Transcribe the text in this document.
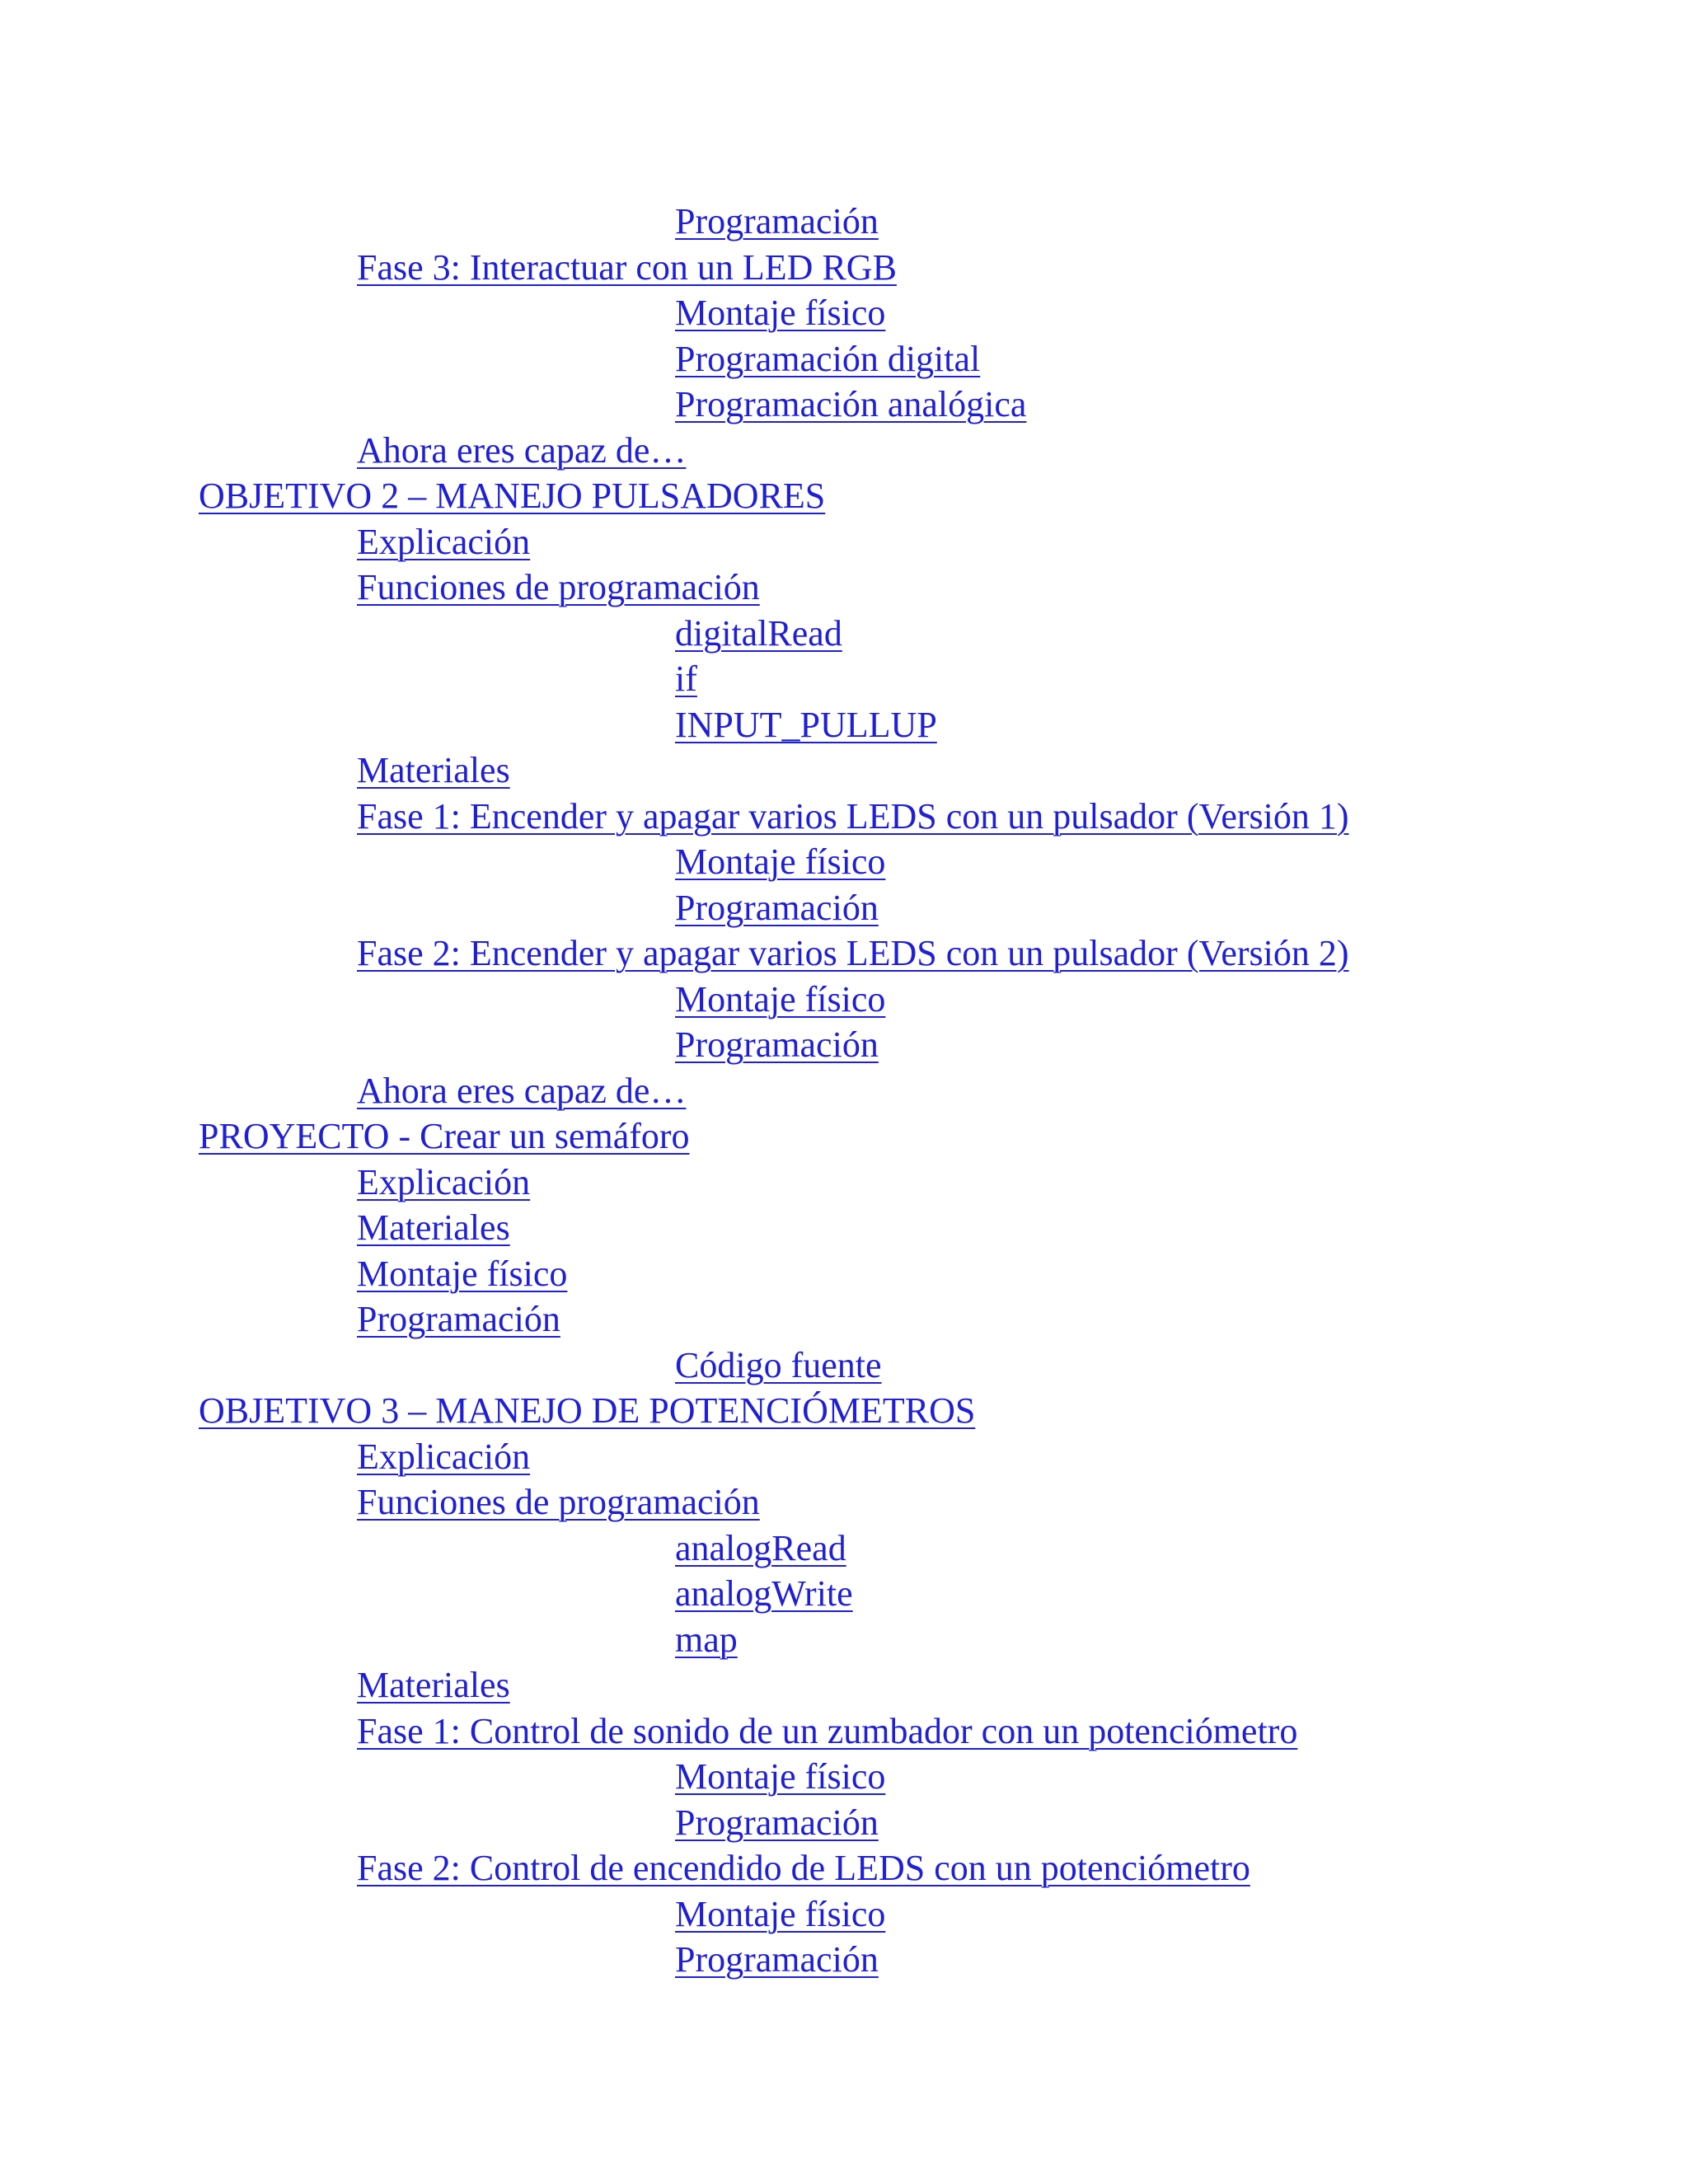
Programación
Fase 3: Interactuar con un LED RGB
Montaje físico
Programación digital
Programación analógica
Ahora eres capaz de…
OBJETIVO 2 – MANEJO PULSADORES
Explicación
Funciones de programación
digitalRead
if
INPUT_PULLUP
Materiales
Fase 1: Encender y apagar varios LEDS con un pulsador (Versión 1)
Montaje físico
Programación
Fase 2: Encender y apagar varios LEDS con un pulsador (Versión 2)
Montaje físico
Programación
Ahora eres capaz de…
PROYECTO - Crear un semáforo
Explicación
Materiales
Montaje físico
Programación
Código fuente
OBJETIVO 3 – MANEJO DE POTENCIÓMETROS
Explicación
Funciones de programación
analogRead
analogWrite
map
Materiales
Fase 1: Control de sonido de un zumbador con un potenciómetro
Montaje físico
Programación
Fase 2: Control de encendido de LEDS con un potenciómetro
Montaje físico
Programación
